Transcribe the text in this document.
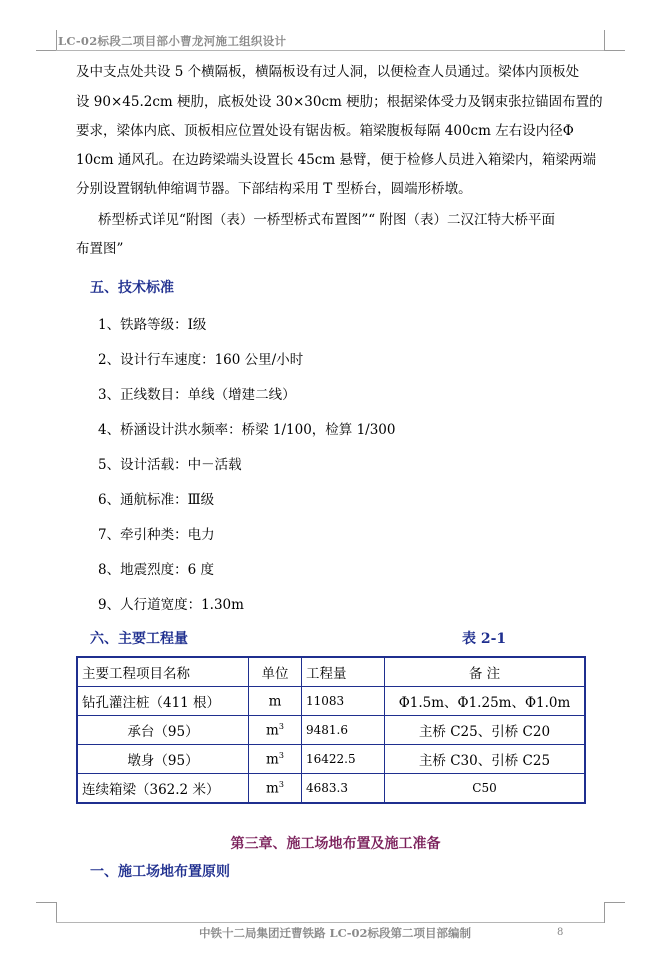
LC-02标段二项目部小曹龙河施工组织设计
及中支点处共设 5 个横隔板，横隔板设有过人洞，以便检查人员通过。梁体内顶板处
设 90×45.2cm 梗肋，底板处设 30×30cm 梗肋；根据梁体受力及钢束张拉锚固布置的
要求，梁体内底、顶板相应位置处设有锯齿板。箱梁腹板每隔 400cm 左右设内径Φ
10cm 通风孔。在边跨梁端头设置长 45cm 悬臂，便于检修人员进入箱梁内，箱梁两端
分别设置钢轨伸缩调节器。下部结构采用 T 型桥台，圆端形桥墩。
桥型桥式详见“附图（表）一桥型桥式布置图”“ 附图（表）二汉江特大桥平面
布置图”
五、技术标准
1、铁路等级：Ⅰ级
2、设计行车速度：160 公里/小时
3、正线数目：单线（增建二线）
4、桥涵设计洪水频率：桥梁 1/100，检算 1/300
5、设计活载：中－活载
6、通航标准：Ⅲ级
7、牵引种类：电力
8、地震烈度：6 度
9、人行道宽度：1.30m
六、主要工程量	表 2-1
主要工程项目名称	单位	工程量	备 注
钻孔灌注桩（411 根）	m	11083	Φ1.5m、Φ1.25m、Φ1.0m
承台（95）	$m^3$	9481.6	主桥 C25、引桥 C20
墩身（95）	$m^3$	16422.5	主桥 C30、引桥 C25
连续箱梁（362.2 米）	$m^3$	4683.3	C50
第三章、施工场地布置及施工准备
一、施工场地布置原则
中铁十二局集团迁曹铁路 LC-02标段第二项目部编制	8
